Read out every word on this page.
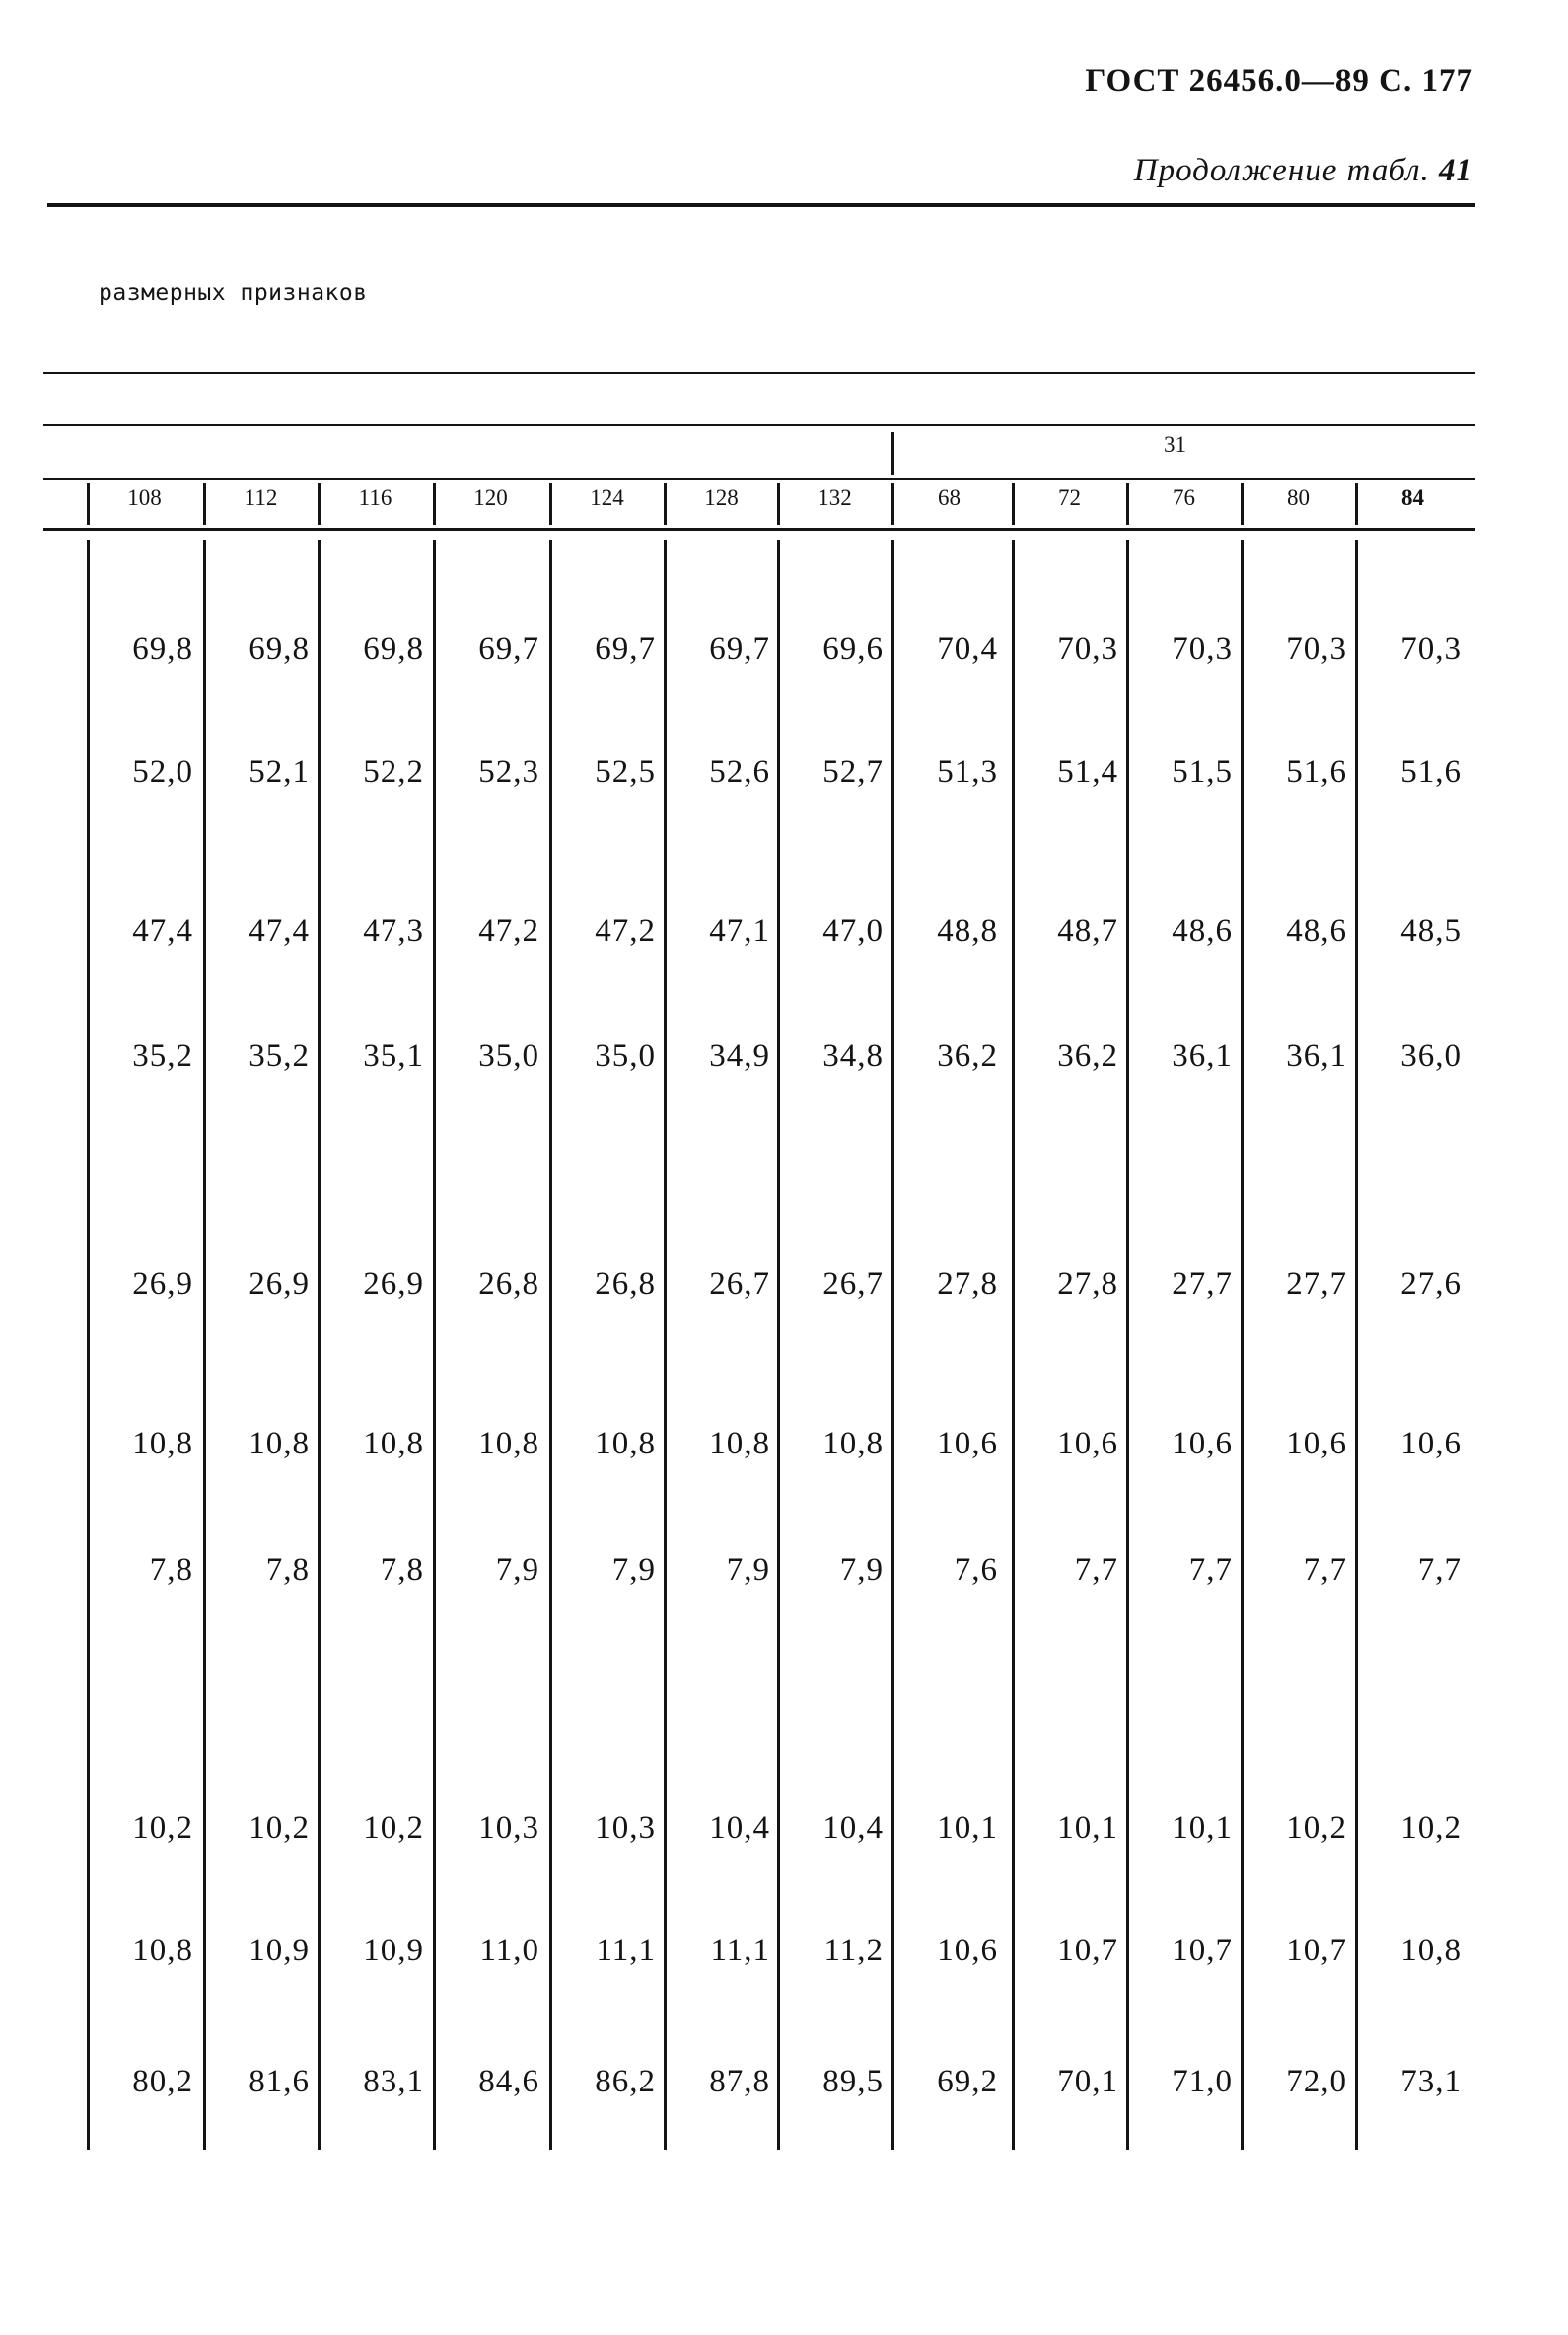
ГОСТ 26456.0—89 С. 177
Продолжение табл. 41
размерных признаков
31
108	112	116	120	124	128	132	68	72	76	80	84
69,8	69,8	69,8	69,7	69,7	69,7	69,6	70,4	70,3	70,3	70,3	70,3
52,0	52,1	52,2	52,3	52,5	52,6	52,7	51,3	51,4	51,5	51,6	51,6
47,4	47,4	47,3	47,2	47,2	47,1	47,0	48,8	48,7	48,6	48,6	48,5
35,2	35,2	35,1	35,0	35,0	34,9	34,8	36,2	36,2	36,1	36,1	36,0
26,9	26,9	26,9	26,8	26,8	26,7	26,7	27,8	27,8	27,7	27,7	27,6
10,8	10,8	10,8	10,8	10,8	10,8	10,8	10,6	10,6	10,6	10,6	10,6
7,8	7,8	7,8	7,9	7,9	7,9	7,9	7,6	7,7	7,7	7,7	7,7
10,2	10,2	10,2	10,3	10,3	10,4	10,4	10,1	10,1	10,1	10,2	10,2
10,8	10,9	10,9	11,0	11,1	11,1	11,2	10,6	10,7	10,7	10,7	10,8
80,2	81,6	83,1	84,6	86,2	87,8	89,5	69,2	70,1	71,0	72,0	73,1
